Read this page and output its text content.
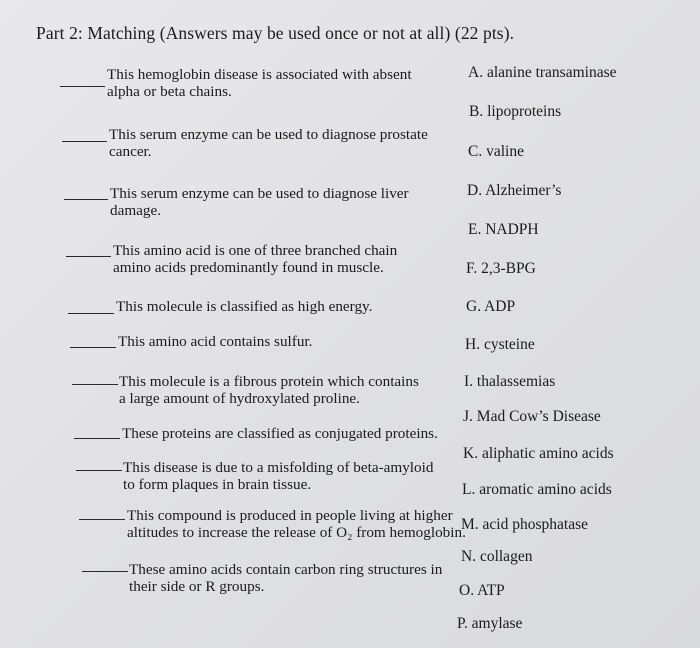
Part 2: Matching (Answers may be used once or not at all) (22 pts).
This hemoglobin disease is associated with absent
alpha or beta chains.
This serum enzyme can be used to diagnose prostate
cancer.
This serum enzyme can be used to diagnose liver
damage.
This amino acid is one of three branched chain
amino acids predominantly found in muscle.
This molecule is classified as high energy.
This amino acid contains sulfur.
This molecule is a fibrous protein which contains
a large amount of hydroxylated proline.
These proteins are classified as conjugated proteins.
This disease is due to a misfolding of beta-amyloid
to form plaques in brain tissue.
This compound is produced in people living at higher
altitudes to increase the release of O₂ from hemoglobin.
These amino acids contain carbon ring structures in
their side or R groups.
A. alanine transaminase
B. lipoproteins
C. valine
D. Alzheimer’s
E. NADPH
F. 2,3-BPG
G. ADP
H. cysteine
I. thalassemias
J. Mad Cow’s Disease
K. aliphatic amino acids
L. aromatic amino acids
M. acid phosphatase
N. collagen
O. ATP
P. amylase
